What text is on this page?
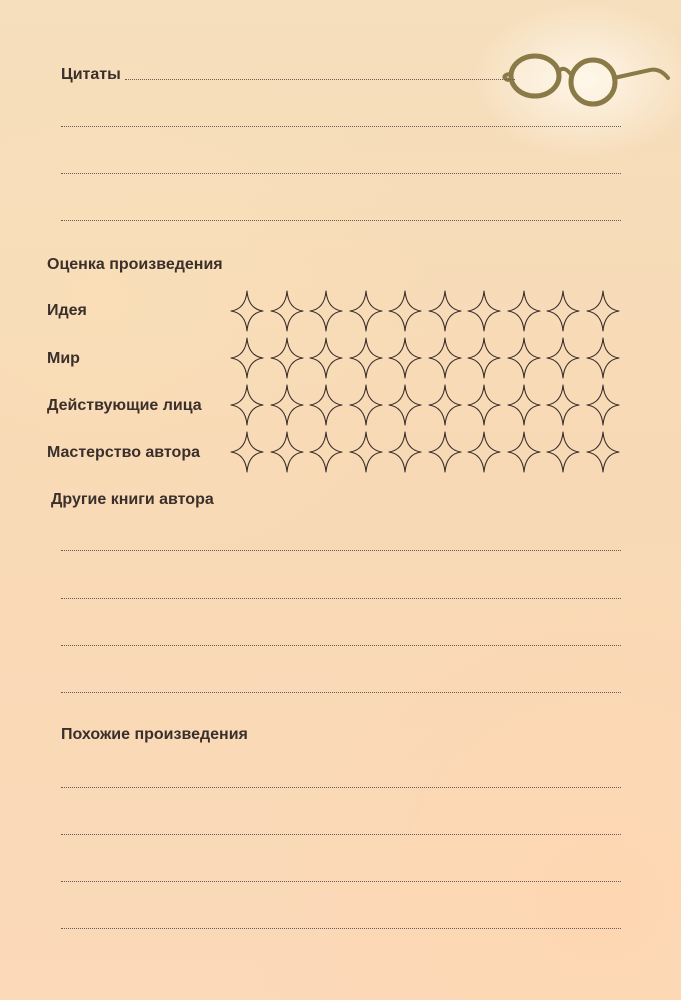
Цитаты
Оценка произведения
Идея
Мир
Действующие лица
Мастерство автора
Другие книги автора
Похожие произведения
